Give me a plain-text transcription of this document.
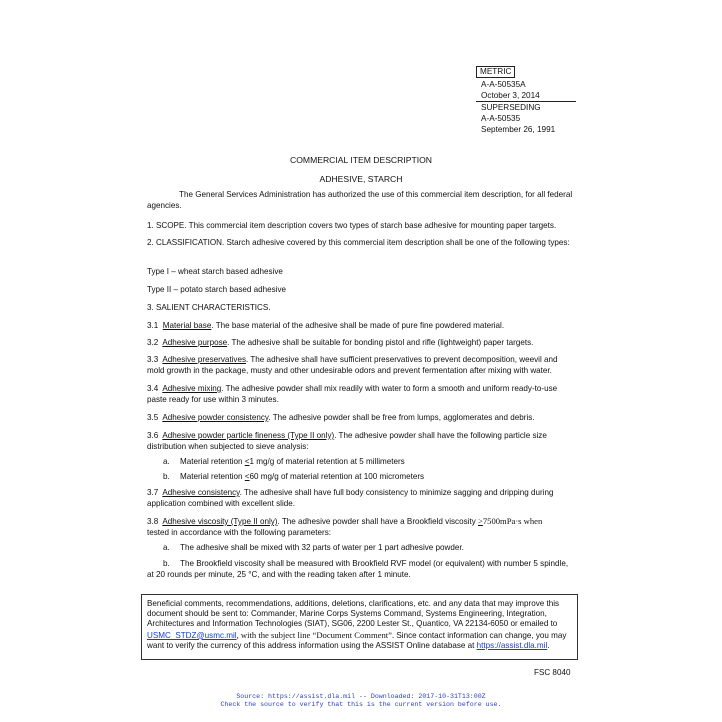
METRIC
A-A-50535A
October 3, 2014
SUPERSEDING
A-A-50535
September 26, 1991
COMMERCIAL ITEM DESCRIPTION
ADHESIVE, STARCH
The General Services Administration has authorized the use of this commercial item description, for all federal agencies.
1. SCOPE. This commercial item description covers two types of starch base adhesive for mounting paper targets.
2. CLASSIFICATION. Starch adhesive covered by this commercial item description shall be one of the following types:
Type I – wheat starch based adhesive
Type II – potato starch based adhesive
3. SALIENT CHARACTERISTICS.
3.1 Material base. The base material of the adhesive shall be made of pure fine powdered material.
3.2 Adhesive purpose. The adhesive shall be suitable for bonding pistol and rifle (lightweight) paper targets.
3.3 Adhesive preservatives. The adhesive shall have sufficient preservatives to prevent decomposition, weevil and mold growth in the package, musty and other undesirable odors and prevent fermentation after mixing with water.
3.4 Adhesive mixing. The adhesive powder shall mix readily with water to form a smooth and uniform ready-to-use paste ready for use within 3 minutes.
3.5 Adhesive powder consistency. The adhesive powder shall be free from lumps, agglomerates and debris.
3.6 Adhesive powder particle fineness (Type II only). The adhesive powder shall have the following particle size distribution when subjected to sieve analysis:
a. Material retention <1 mg/g of material retention at 5 millimeters
b. Material retention <60 mg/g of material retention at 100 micrometers
3.7 Adhesive consistency. The adhesive shall have full body consistency to minimize sagging and dripping during application combined with excellent slide.
3.8 Adhesive viscosity (Type II only). The adhesive powder shall have a Brookfield viscosity >7500mPa·s when
tested in accordance with the following parameters:
a. The adhesive shall be mixed with 32 parts of water per 1 part adhesive powder.
b.	The Brookfield viscosity shall be measured with Brookfield RVF model (or equivalent) with number 5 spindle, at 20 rounds per minute, 25 °C, and with the reading taken after 1 minute.

Beneficial comments, recommendations, additions, deletions, clarifications, etc. and any data that may improve this document should be sent to: Commander, Marine Corps Systems Command, Systems Engineering, Integration, Architectures and Information Technologies (SIAT), SG06, 2200 Lester St., Quantico, VA 22134-6050 or emailed to USMC_STDZ@usmc.mil, with the subject line “Document Comment”. Since contact information can change, you may want to verify the currency of this address information using the ASSIST Online database at https://assist.dla.mil.

FSC 8040
Source: https://assist.dla.mil -- Downloaded: 2017-10-31T13:00Z
Check the source to verify that this is the current version before use.
